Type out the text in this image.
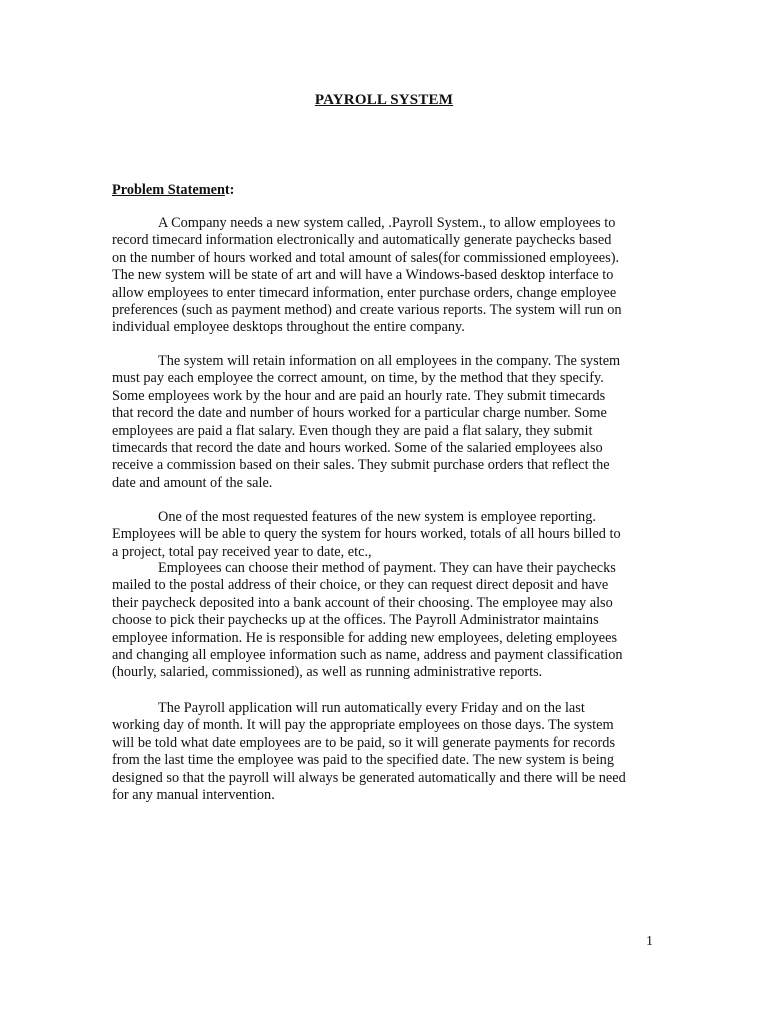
PAYROLL SYSTEM
Problem Statement:
A Company needs a new system called, .Payroll System., to allow employees to
record timecard information electronically and automatically generate paychecks based
on the number of hours worked and total amount of sales(for commissioned employees).
The new system will be state of art and will have a Windows-based desktop interface to
allow employees to enter timecard information, enter purchase orders, change employee
preferences (such as payment method) and create various reports. The system will run on
individual employee desktops throughout the entire company.
The system will retain information on all employees in the company. The system
must pay each employee the correct amount, on time, by the method that they specify.
Some employees work by the hour and are paid an hourly rate. They submit timecards
that record the date and number of hours worked for a particular charge number. Some
employees are paid a flat salary. Even though they are paid a flat salary, they submit
timecards that record the date and hours worked. Some of the salaried employees also
receive a commission based on their sales. They submit purchase orders that reflect the
date and amount of the sale.
One of the most requested features of the new system is employee reporting.
Employees will be able to query the system for hours worked, totals of all hours billed to
a project, total pay received year to date, etc.,
Employees can choose their method of payment. They can have their paychecks
mailed to the postal address of their choice, or they can request direct deposit and have
their paycheck deposited into a bank account of their choosing. The employee may also
choose to pick their paychecks up at the offices. The Payroll Administrator maintains
employee information. He is responsible for adding new employees, deleting employees
and changing all employee information such as name, address and payment classification
(hourly, salaried, commissioned), as well as running administrative reports.
The Payroll application will run automatically every Friday and on the last
working day of month. It will pay the appropriate employees on those days. The system
will be told what date employees are to be paid, so it will generate payments for records
from the last time the employee was paid to the specified date. The new system is being
designed so that the payroll will always be generated automatically and there will be need
for any manual intervention.
1
